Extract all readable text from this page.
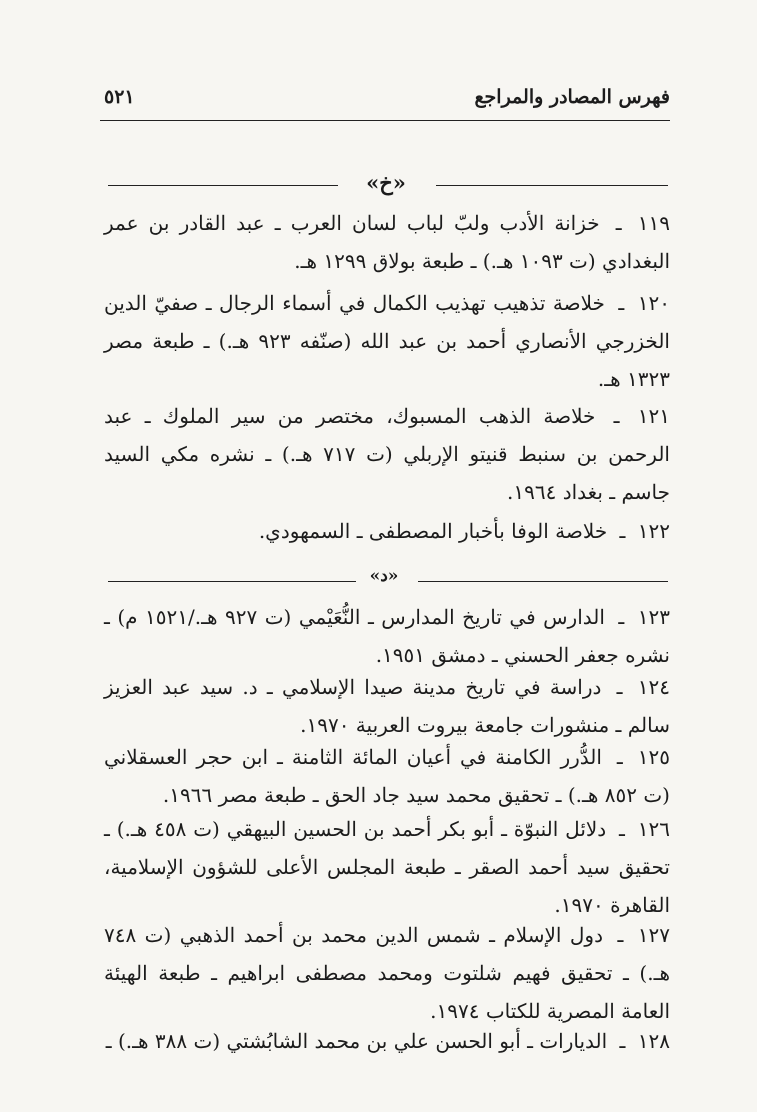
فهرس المصادر والمراجع
٥٢١
«خ»
١١٩ ـ خزانة الأدب ولبّ لباب لسان العرب ـ عبد القادر بن عمر البغدادي (ت ١٠٩٣ هـ.) ـ طبعة بولاق ١٢٩٩ هـ.
١٢٠ ـ خلاصة تذهيب تهذيب الكمال في أسماء الرجال ـ صفيّ الدين الخزرجي الأنصاري أحمد بن عبد الله (صنّفه ٩٢٣ هـ.) ـ طبعة مصر ١٣٢٣ هـ.
١٢١ ـ خلاصة الذهب المسبوك، مختصر من سير الملوك ـ عبد الرحمن بن سنبط قنيتو الإربلي (ت ٧١٧ هـ.) ـ نشره مكي السيد جاسم ـ بغداد ١٩٦٤.
١٢٢ ـ خلاصة الوفا بأخبار المصطفى ـ السمهودي.
«د»
١٢٣ ـ الدارس في تاريخ المدارس ـ النُّعَيْمي (ت ٩٢٧ هـ./١٥٢١ م) ـ نشره جعفر الحسني ـ دمشق ١٩٥١.
١٢٤ ـ دراسة في تاريخ مدينة صيدا الإسلامي ـ د. سيد عبد العزيز سالم ـ منشورات جامعة بيروت العربية ١٩٧٠.
١٢٥ ـ الدُّرر الكامنة في أعيان المائة الثامنة ـ ابن حجر العسقلاني (ت ٨٥٢ هـ.) ـ تحقيق محمد سيد جاد الحق ـ طبعة مصر ١٩٦٦.
١٢٦ ـ دلائل النبوّة ـ أبو بكر أحمد بن الحسين البيهقي (ت ٤٥٨ هـ.) ـ تحقيق سيد أحمد الصقر ـ طبعة المجلس الأعلى للشؤون الإسلامية، القاهرة ١٩٧٠.
١٢٧ ـ دول الإسلام ـ شمس الدين محمد بن أحمد الذهبي (ت ٧٤٨ هـ.) ـ تحقيق فهيم شلتوت ومحمد مصطفى ابراهيم ـ طبعة الهيئة العامة المصرية للكتاب ١٩٧٤.
١٢٨ ـ الديارات ـ أبو الحسن علي بن محمد الشابُشتي (ت ٣٨٨ هـ.) ـ
